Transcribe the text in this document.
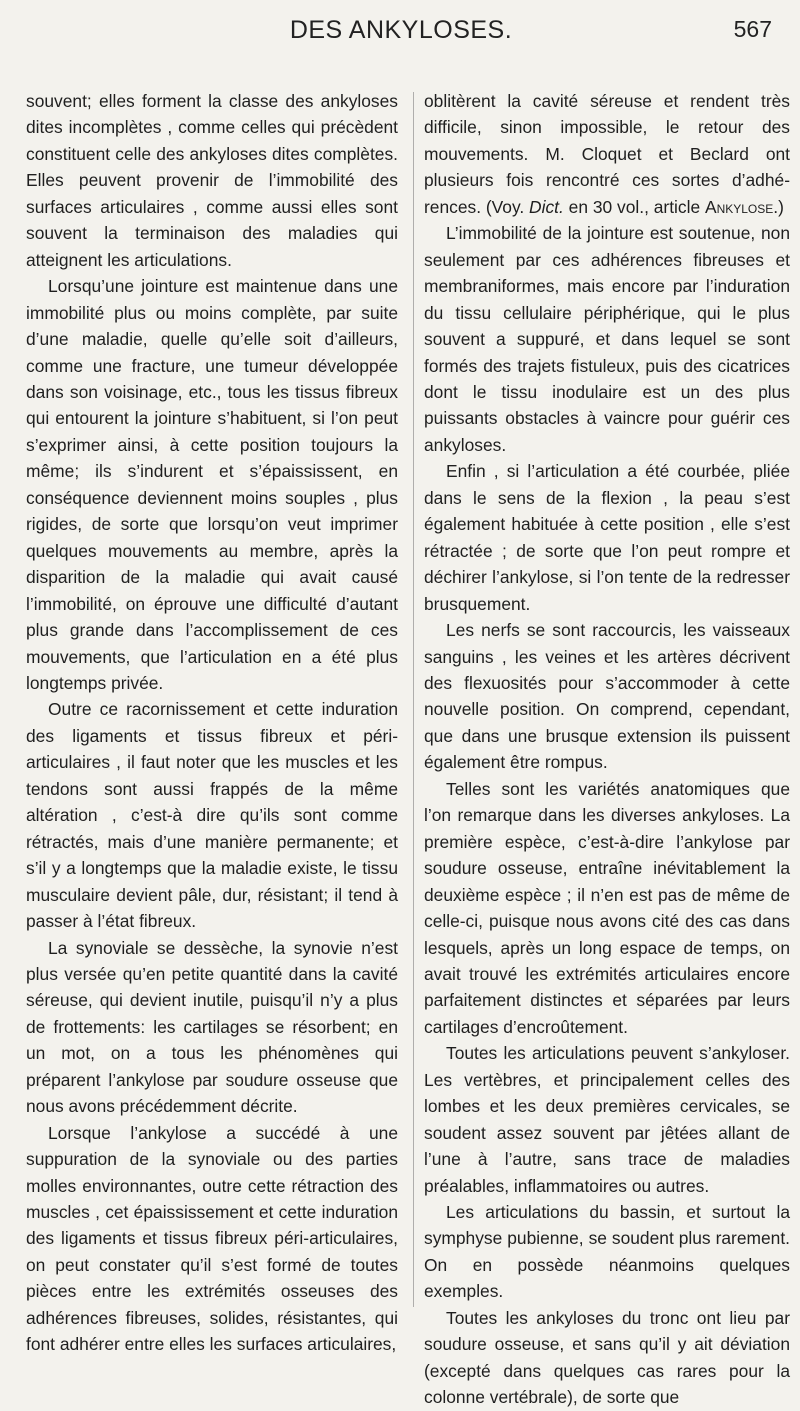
DES ANKYLOSES.	567

souvent; elles forment la classe des ankyloses dites incomplètes , comme celles qui précèdent constituent celle des ankyloses dites complètes. Elles peuvent provenir de l’immobilité des surfaces articulaires , comme aussi elles sont souvent la terminaison des maladies qui atteignent les articulations.

Lorsqu’une jointure est maintenue dans une immobilité plus ou moins complète, par suite d’une maladie, quelle qu’elle soit d’ailleurs, comme une fracture, une tumeur développée dans son voisinage, etc., tous les tissus fibreux qui entourent la jointure s’habituent, si l’on peut s’exprimer ainsi, à cette position toujours la même; ils s’indurent et s’épaississent, en conséquence deviennent moins souples , plus rigides, de sorte que lorsqu’on veut imprimer quelques mouvements au membre, après la disparition de la maladie qui avait causé l’immobilité, on éprouve une difficulté d’autant plus grande dans l’accomplissement de ces mouvements, que l’articulation en a été plus longtemps privée.

Outre ce racornissement et cette induration des ligaments et tissus fibreux et péri-articulaires , il faut noter que les muscles et les tendons sont aussi frappés de la même altération , c’est-à dire qu’ils sont comme rétractés, mais d’une manière permanente; et s’il y a longtemps que la maladie existe, le tissu musculaire devient pâle, dur, résistant; il tend à passer à l’état fibreux.

La synoviale se dessèche, la synovie n’est plus versée qu’en petite quantité dans la cavité séreuse, qui devient inutile, puisqu’il n’y a plus de frottements: les cartilages se résorbent; en un mot, on a tous les phénomènes qui préparent l’ankylose par soudure osseuse que nous avons précédemment décrite.

Lorsque l’ankylose a succédé à une suppuration de la synoviale ou des parties molles environnantes, outre cette rétraction des muscles , cet épaississement et cette induration des ligaments et tissus fibreux péri-articulaires, on peut constater qu’il s’est formé de toutes pièces entre les extrémités osseuses des adhérences fibreuses, solides, résistantes, qui font adhérer entre elles les surfaces articulaires,

oblitèrent la cavité séreuse et rendent très difficile, sinon impossible, le retour des mouvements. M. Cloquet et Beclard ont plusieurs fois rencontré ces sortes d’adhérences. (Voy. Dict. en 30 vol., article Ankylose.)

L’immobilité de la jointure est soutenue, non seulement par ces adhérences fibreuses et membraniformes, mais encore par l’induration du tissu cellulaire périphérique, qui le plus souvent a suppuré, et dans lequel se sont formés des trajets fistuleux, puis des cicatrices dont le tissu inodulaire est un des plus puissants obstacles à vaincre pour guérir ces ankyloses.

Enfin , si l’articulation a été courbée, pliée dans le sens de la flexion , la peau s’est également habituée à cette position , elle s’est rétractée ; de sorte que l’on peut rompre et déchirer l’ankylose, si l’on tente de la redresser brusquement.

Les nerfs se sont raccourcis, les vaisseaux sanguins , les veines et les artères décrivent des flexuosités pour s’accommoder à cette nouvelle position. On comprend, cependant, que dans une brusque extension ils puissent également être rompus.

Telles sont les variétés anatomiques que l’on remarque dans les diverses ankyloses. La première espèce, c’est-à-dire l’ankylose par soudure osseuse, entraîne inévitablement la deuxième espèce ; il n’en est pas de même de celle-ci, puisque nous avons cité des cas dans lesquels, après un long espace de temps, on avait trouvé les extrémités articulaires encore parfaitement distinctes et séparées par leurs cartilages d’encroûtement.

Toutes les articulations peuvent s’ankyloser. Les vertèbres, et principalement celles des lombes et les deux premières cervicales, se soudent assez souvent par jêtées allant de l’une à l’autre, sans trace de maladies préalables, inflammatoires ou autres.

Les articulations du bassin, et surtout la symphyse pubienne, se soudent plus rarement. On en possède néanmoins quelques exemples.

Toutes les ankyloses du tronc ont lieu par soudure osseuse, et sans qu’il y ait déviation (excepté dans quelques cas rares pour la colonne vertébrale), de sorte que
